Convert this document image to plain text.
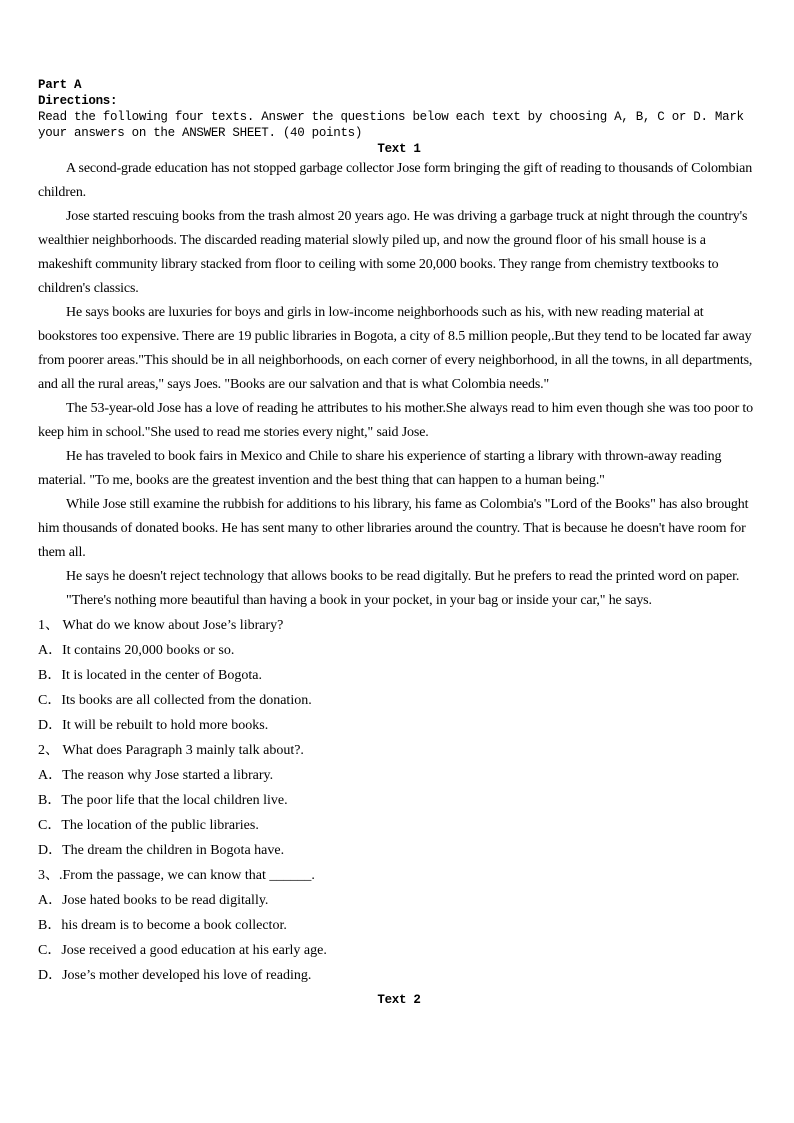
Part A
Directions:
Read the following four texts. Answer the questions below each text by choosing A, B, C or D. Mark your answers on the ANSWER SHEET. (40 points)
Text 1

A second-grade education has not stopped garbage collector Jose form bringing the gift of reading to thousands of Colombian children.

Jose started rescuing books from the trash almost 20 years ago. He was driving a garbage truck at night through the country's wealthier neighborhoods. The discarded reading material slowly piled up, and now the ground floor of his small house is a makeshift community library stacked from floor to ceiling with some 20,000 books. They range from chemistry textbooks to children's classics.

He says books are luxuries for boys and girls in low-income neighborhoods such as his, with new reading material at bookstores too expensive. There are 19 public libraries in Bogota, a city of 8.5 million people,.But they tend to be located far away from poorer areas."This should be in all neighborhoods, on each corner of every neighborhood, in all the towns, in all departments, and all the rural areas," says Joes. "Books are our salvation and that is what Colombia needs."

The 53-year-old Jose has a love of reading he attributes to his mother.She always read to him even though she was too poor to keep him in school."She used to read me stories every night," said Jose.

He has traveled to book fairs in Mexico and Chile to share his experience of starting a library with thrown-away reading material. "To me, books are the greatest invention and the best thing that can happen to a human being."

While Jose still examine the rubbish for additions to his library, his fame as Colombia's "Lord of the Books" has also brought him thousands of donated books. He has sent many to other libraries around the country. That is because he doesn't have room for them all.

He says he doesn't reject technology that allows books to be read digitally. But he prefers to read the printed word on paper.

"There's nothing more beautiful than having a book in your pocket, in your bag or inside your car," he says.

1、 What do we know about Jose’s library?
A．It contains 20,000 books or so.
B．It is located in the center of Bogota.
C．Its books are all collected from the donation.
D．It will be rebuilt to hold more books.
2、 What does Paragraph 3 mainly talk about?.
A．The reason why Jose started a library.
B．The poor life that the local children live.
C．The location of the public libraries.
D．The dream the children in Bogota have.
3、.From the passage, we can know that ______.
A．Jose hated books to be read digitally.
B．his dream is to become a book collector.
C．Jose received a good education at his early age.
D．Jose’s mother developed his love of reading.
Text 2
